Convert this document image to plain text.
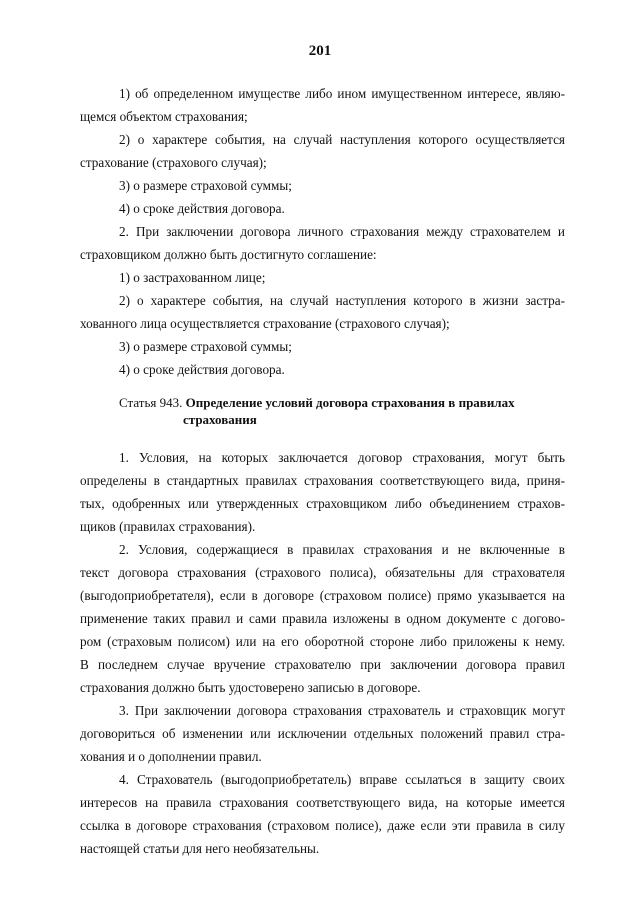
201
1) об определенном имуществе либо ином имущественном интересе, являю-
щемся объектом страхования;
2) о характере события, на случай наступления которого осуществляется
страхование (страхового случая);
3) о размере страховой суммы;
4) о сроке действия договора.
2. При заключении договора личного страхования между страхователем и
страховщиком должно быть достигнуто соглашение:
1) о застрахованном лице;
2) о характере события, на случай наступления которого в жизни застра-
хованного лица осуществляется страхование (страхового случая);
3) о размере страховой суммы;
4) о сроке действия договора.
Статья 943. Определение условий договора страхования в правилах
страхования
1. Условия, на которых заключается договор страхования, могут быть
определены в стандартных правилах страхования соответствующего вида, приня-
тых, одобренных или утвержденных страховщиком либо объединением страхов-
щиков (правилах страхования).
2. Условия, содержащиеся в правилах страхования и не включенные в
текст договора страхования (страхового полиса), обязательны для страхователя
(выгодоприобретателя), если в договоре (страховом полисе) прямо указывается на
применение таких правил и сами правила изложены в одном документе с догово-
ром (страховым полисом) или на его оборотной стороне либо приложены к нему.
В последнем случае вручение страхователю при заключении договора правил
страхования должно быть удостоверено записью в договоре.
3. При заключении договора страхования страхователь и страховщик могут
договориться об изменении или исключении отдельных положений правил стра-
хования и о дополнении правил.
4. Страхователь (выгодоприобретатель) вправе ссылаться в защиту своих
интересов на правила страхования соответствующего вида, на которые имеется
ссылка в договоре страхования (страховом полисе), даже если эти правила в силу
настоящей статьи для него необязательны.
